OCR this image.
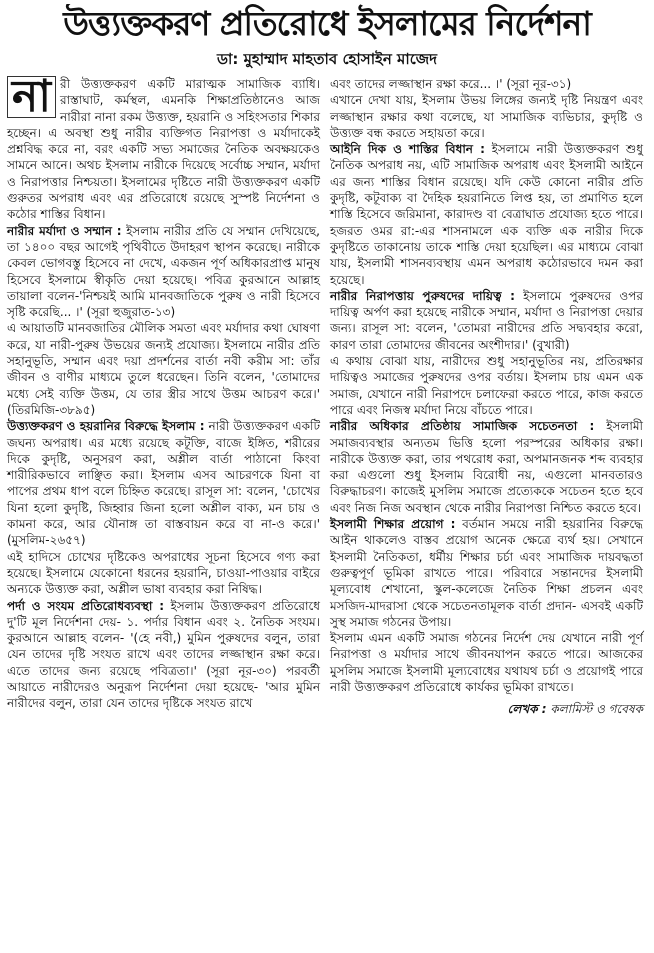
উত্ত্যক্তকরণ প্রতিরোধে ইসলামের নির্দেশনা
ডা: মুহাম্মাদ মাহতাব হোসাইন মাজেদ

না রী উত্ত্যক্তকরণ একটি মারাত্মক সামাজিক ব্যাধি। রাস্তাঘাট, কর্মস্থল, এমনকি শিক্ষাপ্রতিষ্ঠানেও আজ নারীরা নানা রকম উত্ত্যক্ত, হয়রানি ও সহিংসতার শিকার হচ্ছেন। এ অবস্থা শুধু নারীর ব্যক্তিগত নিরাপত্তা ও মর্যাদাকেই প্রশ্নবিদ্ধ করে না, বরং একটি সভ্য সমাজের নৈতিক অবক্ষয়কেও সামনে আনে। অথচ ইসলাম নারীকে দিয়েছে সর্বোচ্চ সম্মান, মর্যাদা ও নিরাপত্তার নিশ্চয়তা। ইসলামের দৃষ্টিতে নারী উত্ত্যক্তকরণ একটি গুরুতর অপরাধ এবং এর প্রতিরোধে রয়েছে সুস্পষ্ট নির্দেশনা ও কঠোর শাস্তির বিধান।

নারীর মর্যাদা ও সম্মান : ইসলাম নারীর প্রতি যে সম্মান দেখিয়েছে, তা ১৪০০ বছর আগেই পৃথিবীতে উদাহরণ স্থাপন করেছে। নারীকে কেবল ভোগবস্তু হিসেবে না দেখে, একজন পূর্ণ অধিকারপ্রাপ্ত মানুষ হিসেবে ইসলামে স্বীকৃতি দেয়া হয়েছে। পবিত্র কুরআনে আল্লাহ তায়ালা বলেন-'নিশ্চয়ই আমি মানবজাতিকে পুরুষ ও নারী হিসেবে সৃষ্টি করেছি... ।' (সূরা হুজুরাত-১৩)

এ আয়াতটি মানবজাতির মৌলিক সমতা এবং মর্যাদার কথা ঘোষণা করে, যা নারী-পুরুষ উভয়ের জন্যই প্রযোজ্য। ইসলামে নারীর প্রতি সহানুভূতি, সম্মান এবং দয়া প্রদর্শনের বার্তা নবী করীম সা: তাঁর জীবন ও বাণীর মাধ্যমে তুলে ধরেছেন। তিনি বলেন, 'তোমাদের মধ্যে সেই ব্যক্তি উত্তম, যে তার স্ত্রীর সাথে উত্তম আচরণ করে।' (তিরমিজি-৩৮৯৫)

উত্ত্যক্তকরণ ও হয়রানির বিরুদ্ধে ইসলাম : নারী উত্ত্যক্তকরণ একটি জঘন্য অপরাধ। এর মধ্যে রয়েছে কটূক্তি, বাজে ইঙ্গিত, শরীরের দিকে কুদৃষ্টি, অনুসরণ করা, অশ্লীল বার্তা পাঠানো কিংবা শারীরিকভাবে লাঞ্ছিত করা। ইসলাম এসব আচরণকে যিনা বা পাপের প্রথম ধাপ বলে চিহ্নিত করেছে। রাসূল সা: বলেন, 'চোখের যিনা হলো কুদৃষ্টি, জিহ্বার জিনা হলো অশ্লীল বাক্য, মন চায় ও কামনা করে, আর যৌনাঙ্গ তা বাস্তবায়ন করে বা না-ও করে।' (মুসলিম-২৬৫৭)

এই হাদিসে চোখের দৃষ্টিকেও অপরাধের সূচনা হিসেবে গণ্য করা হয়েছে। ইসলামে যেকোনো ধরনের হয়রানি, চাওয়া-পাওয়ার বাইরে অন্যকে উত্ত্যক্ত করা, অশ্লীল ভাষা ব্যবহার করা নিষিদ্ধ।

পর্দা ও সংযম প্রতিরোধব্যবস্থা : ইসলাম উত্ত্যক্তকরণ প্রতিরোধে দু'টি মূল নির্দেশনা দেয়- ১. পর্দার বিধান এবং ২. নৈতিক সংযম। কুরআনে আল্লাহ বলেন- '(হে নবী,) মুমিন পুরুষদের বলুন, তারা যেন তাদের দৃষ্টি সংযত রাখে এবং তাদের লজ্জাস্থান রক্ষা করে। এতে তাদের জন্য রয়েছে পবিত্রতা।' (সূরা নূর-৩০) পরবর্তী আয়াতে নারীদেরও অনুরূপ নির্দেশনা দেয়া হয়েছে- 'আর মুমিন নারীদের বলুন, তারা যেন তাদের দৃষ্টিকে সংযত রাখে

এবং তাদের লজ্জাস্থান রক্ষা করে... ।' (সূরা নূর-৩১)

এখানে দেখা যায়, ইসলাম উভয় লিঙ্গের জন্যই দৃষ্টি নিয়ন্ত্রণ এবং লজ্জাস্থান রক্ষার কথা বলেছে, যা সামাজিক ব্যভিচার, কুদৃষ্টি ও উত্ত্যক্ত বন্ধ করতে সহায়তা করে।

আইনি দিক ও শাস্তির বিধান : ইসলামে নারী উত্ত্যক্তকরণ শুধু নৈতিক অপরাধ নয়, এটি সামাজিক অপরাধ এবং ইসলামী আইনে এর জন্য শাস্তির বিধান রয়েছে। যদি কেউ কোনো নারীর প্রতি কুদৃষ্টি, কটূবাক্য বা দৈহিক হয়রানিতে লিপ্ত হয়, তা প্রমাণিত হলে শাস্তি হিসেবে জরিমানা, কারাদণ্ড বা বেত্রাঘাত প্রযোজ্য হতে পারে। হজরত ওমর রা:-এর শাসনামলে এক ব্যক্তি এক নারীর দিকে কুদৃষ্টিতে তাকানোয় তাকে শাস্তি দেয়া হয়েছিল। এর মাধ্যমে বোঝা যায়, ইসলামী শাসনব্যবস্থায় এমন অপরাধ কঠোরভাবে দমন করা হয়েছে।

নারীর নিরাপত্তায় পুরুষদের দায়িত্ব : ইসলামে পুরুষদের ওপর দায়িত্ব অর্পণ করা হয়েছে নারীকে সম্মান, মর্যাদা ও নিরাপত্তা দেয়ার জন্য। রাসূল সা: বলেন, 'তোমরা নারীদের প্রতি সদ্ব্যবহার করো, কারণ তারা তোমাদের জীবনের অংশীদার।' (বুখারী)

এ কথায় বোঝা যায়, নারীদের শুধু সহানুভূতির নয়, প্রতিরক্ষার দায়িত্বও সমাজের পুরুষদের ওপর বর্তায়। ইসলাম চায় এমন এক সমাজ, যেখানে নারী নিরাপদে চলাফেরা করতে পারে, কাজ করতে পারে এবং নিজস্ব মর্যাদা নিয়ে বাঁচতে পারে।

নারীর অধিকার প্রতিষ্ঠায় সামাজিক সচেতনতা : ইসলামী সমাজব্যবস্থার অন্যতম ভিত্তি হলো পরস্পরের অধিকার রক্ষা। নারীকে উত্ত্যক্ত করা, তার পথরোধ করা, অপমানজনক শব্দ ব্যবহার করা এগুলো শুধু ইসলাম বিরোধী নয়, এগুলো মানবতারও বিরুদ্ধাচরণ। কাজেই মুসলিম সমাজে প্রত্যেককে সচেতন হতে হবে এবং নিজ নিজ অবস্থান থেকে নারীর নিরাপত্তা নিশ্চিত করতে হবে।

ইসলামী শিক্ষার প্রয়োগ : বর্তমান সময়ে নারী হয়রানির বিরুদ্ধে আইন থাকলেও বাস্তব প্রয়োগ অনেক ক্ষেত্রে ব্যর্থ হয়। সেখানে ইসলামী নৈতিকতা, ধর্মীয় শিক্ষার চর্চা এবং সামাজিক দায়বদ্ধতা গুরুত্বপূর্ণ ভূমিকা রাখতে পারে। পরিবারে সন্তানদের ইসলামী মূল্যবোধ শেখানো, স্কুল-কলেজে নৈতিক শিক্ষা প্রচলন এবং মসজিদ-মাদরাসা থেকে সচেতনতামূলক বার্তা প্রদান- এসবই একটি সুস্থ সমাজ গঠনের উপায়।

ইসলাম এমন একটি সমাজ গঠনের নির্দেশ দেয় যেখানে নারী পূর্ণ নিরাপত্তা ও মর্যাদার সাথে জীবনযাপন করতে পারে। আজকের মুসলিম সমাজে ইসলামী মূল্যবোধের যথাযথ চর্চা ও প্রয়োগই পারে নারী উত্ত্যক্তকরণ প্রতিরোধে কার্যকর ভূমিকা রাখতে।

লেখক : কলামিস্ট ও গবেষক
